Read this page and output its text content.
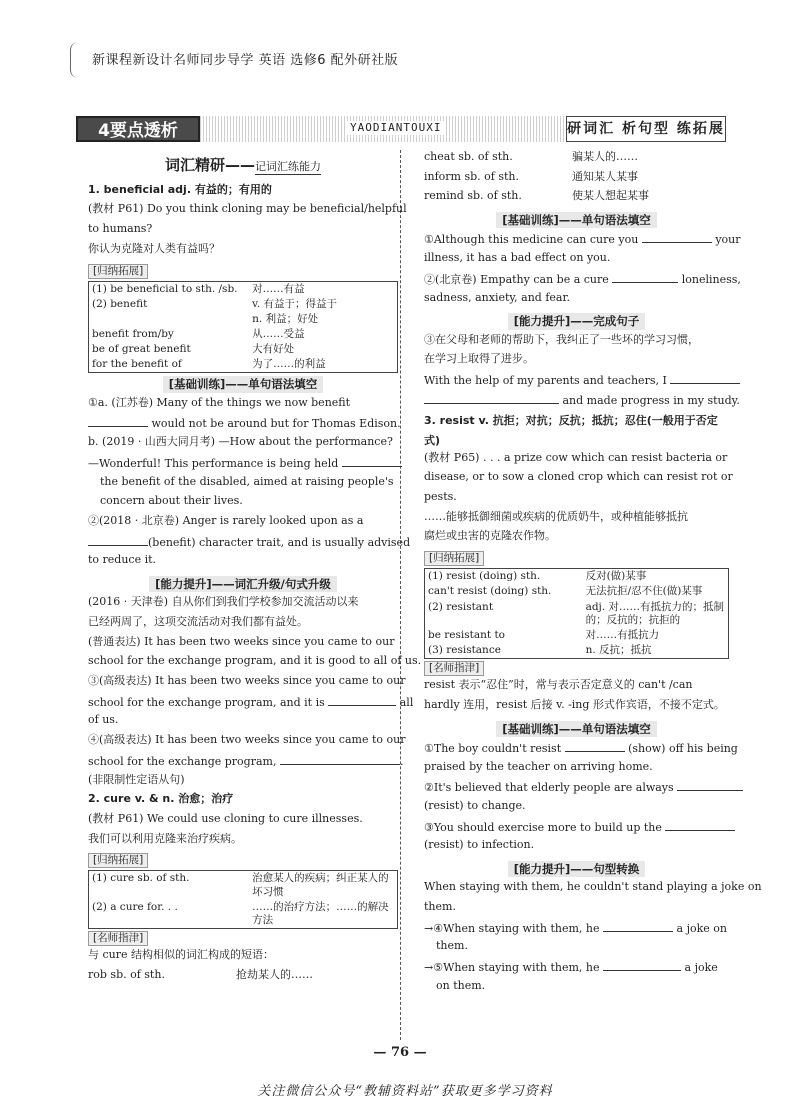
新课程新设计名师同步导学 英语 选修6 配外研社版
4要点透析	YAODIANTOUXI	研词汇 析句型 练拓展
词汇精研——记词汇练能力
1. beneficial adj. 有益的；有用的
(教材 P61) Do you think cloning may be beneficial/helpful
to humans?
你认为克隆对人类有益吗？
[归纳拓展]
(1) be beneficial to sth. /sb.	对……有益
(2) benefit	v. 有益于；得益于
	n. 利益；好处
benefit from/by	从……受益
be of great benefit	大有好处
for the benefit of	为了……的利益
[基础训练]——单句语法填空
①a. (江苏卷) Many of the things we now benefit
would not be around but for Thomas Edison.
b. (2019 · 山西大同月考) —How about the performance?
—Wonderful! This performance is being held
the benefit of the disabled, aimed at raising people's
concern about their lives.
②(2018 · 北京卷) Anger is rarely looked upon as a
(benefit) character trait, and is usually advised
to reduce it.
[能力提升]——词汇升级/句式升级
(2016 · 天津卷) 自从你们到我们学校参加交流活动以来
已经两周了，这项交流活动对我们都有益处。
(普通表达) It has been two weeks since you came to our
school for the exchange program, and it is good to all of us.
③(高级表达) It has been two weeks since you came to our
school for the exchange program, and it is	all
of us.
④(高级表达) It has been two weeks since you came to our
school for the exchange program,	.
(非限制性定语从句)
2. cure v. & n. 治愈；治疗
(教材 P61) We could use cloning to cure illnesses.
我们可以利用克隆来治疗疾病。
[归纳拓展]
(1) cure sb. of sth.	治愈某人的疾病；纠正某人的坏习惯
(2) a cure for. . .	……的治疗方法；……的解决方法
[名师指津]
与 cure 结构相似的词汇构成的短语：
rob sb. of sth.	抢劫某人的……
cheat sb. of sth.	骗某人的……
inform sb. of sth.	通知某人某事
remind sb. of sth.	使某人想起某事
[基础训练]——单句语法填空
①Although this medicine can cure you	your
illness, it has a bad effect on you.
②(北京卷) Empathy can be a cure	loneliness,
sadness, anxiety, and fear.
[能力提升]——完成句子
③在父母和老师的帮助下，我纠正了一些坏的学习习惯，
在学习上取得了进步。
With the help of my parents and teachers, I
and made progress in my study.
3. resist v. 抗拒；对抗；反抗；抵抗；忍住(一般用于否定式)
(教材 P65) . . . a prize cow which can resist bacteria or
disease, or to sow a cloned crop which can resist rot or
pests.
……能够抵御细菌或疾病的优质奶牛，或种植能够抵抗
腐烂或虫害的克隆农作物。
[归纳拓展]
(1) resist (doing) sth.	反对(做)某事
can't resist (doing) sth.	无法抗拒/忍不住(做)某事
(2) resistant	adj. 对……有抵抗力的；抵制的；反抗的；抗拒的
be resistant to	对……有抵抗力
(3) resistance	n. 反抗；抵抗
[名师指津]
resist 表示“忍住”时，常与表示否定意义的 can't /can
hardly 连用，resist 后接 v. -ing 形式作宾语，不接不定式。
[基础训练]——单句语法填空
①The boy couldn't resist	(show) off his being
praised by the teacher on arriving home.
②It's believed that elderly people are always
(resist) to change.
③You should exercise more to build up the
(resist) to infection.
[能力提升]——句型转换
When staying with them, he couldn't stand playing a joke on
them.
→④When staying with them, he	a joke on
them.
→⑤When staying with them, he	a joke
on them.
— 76 —
关注微信公众号“教辅资料站”获取更多学习资料
